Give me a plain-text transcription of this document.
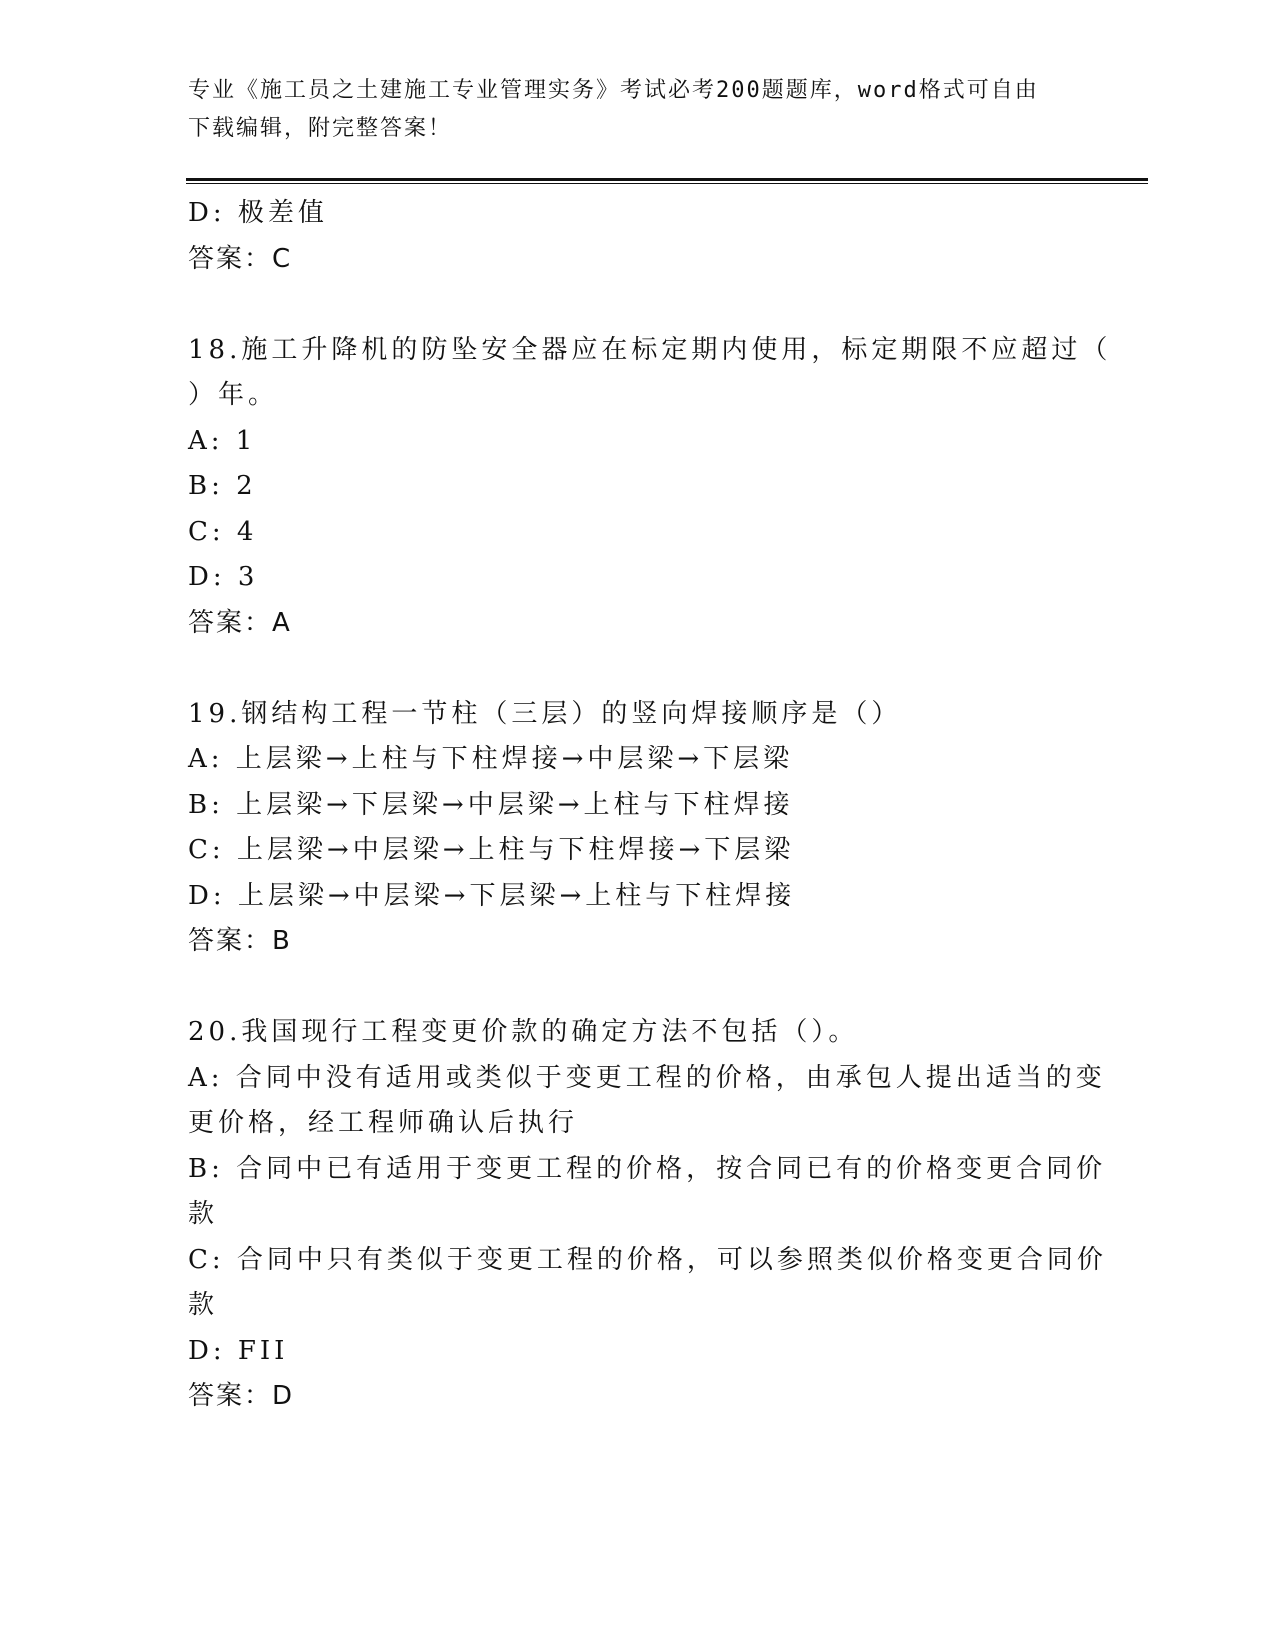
专业《施工员之土建施工专业管理实务》考试必考200题题库，word格式可自由
下载编辑，附完整答案！

D: 极差值

答案：C

18.施工升降机的防坠安全器应在标定期内使用，标定期限不应超过（

）年。

A: 1

B: 2

C: 4

D: 3

答案：A

19.钢结构工程一节柱（三层）的竖向焊接顺序是（）

A: 上层梁→上柱与下柱焊接→中层梁→下层梁

B: 上层梁→下层梁→中层梁→上柱与下柱焊接

C: 上层梁→中层梁→上柱与下柱焊接→下层梁

D: 上层梁→中层梁→下层梁→上柱与下柱焊接

答案：B

20.我国现行工程变更价款的确定方法不包括（）。

A: 合同中没有适用或类似于变更工程的价格，由承包人提出适当的变

更价格，经工程师确认后执行

B: 合同中已有适用于变更工程的价格，按合同已有的价格变更合同价

款

C: 合同中只有类似于变更工程的价格，可以参照类似价格变更合同价

款

D: FII

答案：D
